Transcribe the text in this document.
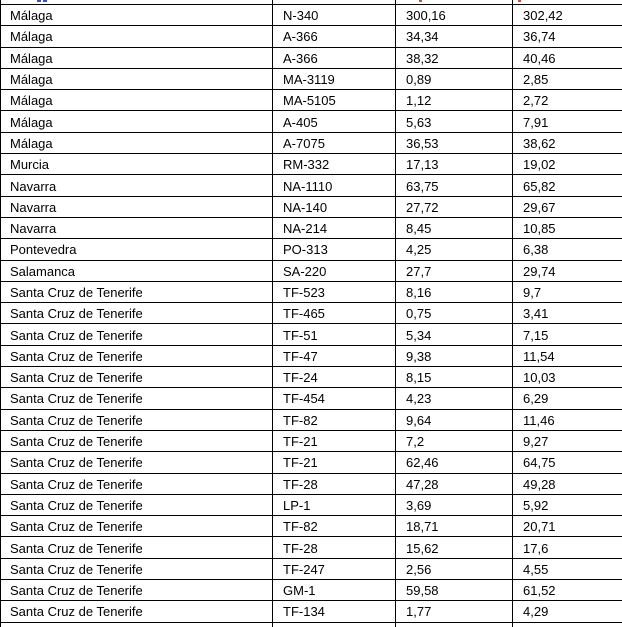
Málaga	N-340	300,16	302,42
Málaga	A-366	34,34	36,74
Málaga	A-366	38,32	40,46
Málaga	MA-3119	0,89	2,85
Málaga	MA-5105	1,12	2,72
Málaga	A-405	5,63	7,91
Málaga	A-7075	36,53	38,62
Murcia	RM-332	17,13	19,02
Navarra	NA-1110	63,75	65,82
Navarra	NA-140	27,72	29,67
Navarra	NA-214	8,45	10,85
Pontevedra	PO-313	4,25	6,38
Salamanca	SA-220	27,7	29,74
Santa Cruz de Tenerife	TF-523	8,16	9,7
Santa Cruz de Tenerife	TF-465	0,75	3,41
Santa Cruz de Tenerife	TF-51	5,34	7,15
Santa Cruz de Tenerife	TF-47	9,38	11,54
Santa Cruz de Tenerife	TF-24	8,15	10,03
Santa Cruz de Tenerife	TF-454	4,23	6,29
Santa Cruz de Tenerife	TF-82	9,64	11,46
Santa Cruz de Tenerife	TF-21	7,2	9,27
Santa Cruz de Tenerife	TF-21	62,46	64,75
Santa Cruz de Tenerife	TF-28	47,28	49,28
Santa Cruz de Tenerife	LP-1	3,69	5,92
Santa Cruz de Tenerife	TF-82	18,71	20,71
Santa Cruz de Tenerife	TF-28	15,62	17,6
Santa Cruz de Tenerife	TF-247	2,56	4,55
Santa Cruz de Tenerife	GM-1	59,58	61,52
Santa Cruz de Tenerife	TF-134	1,77	4,29
